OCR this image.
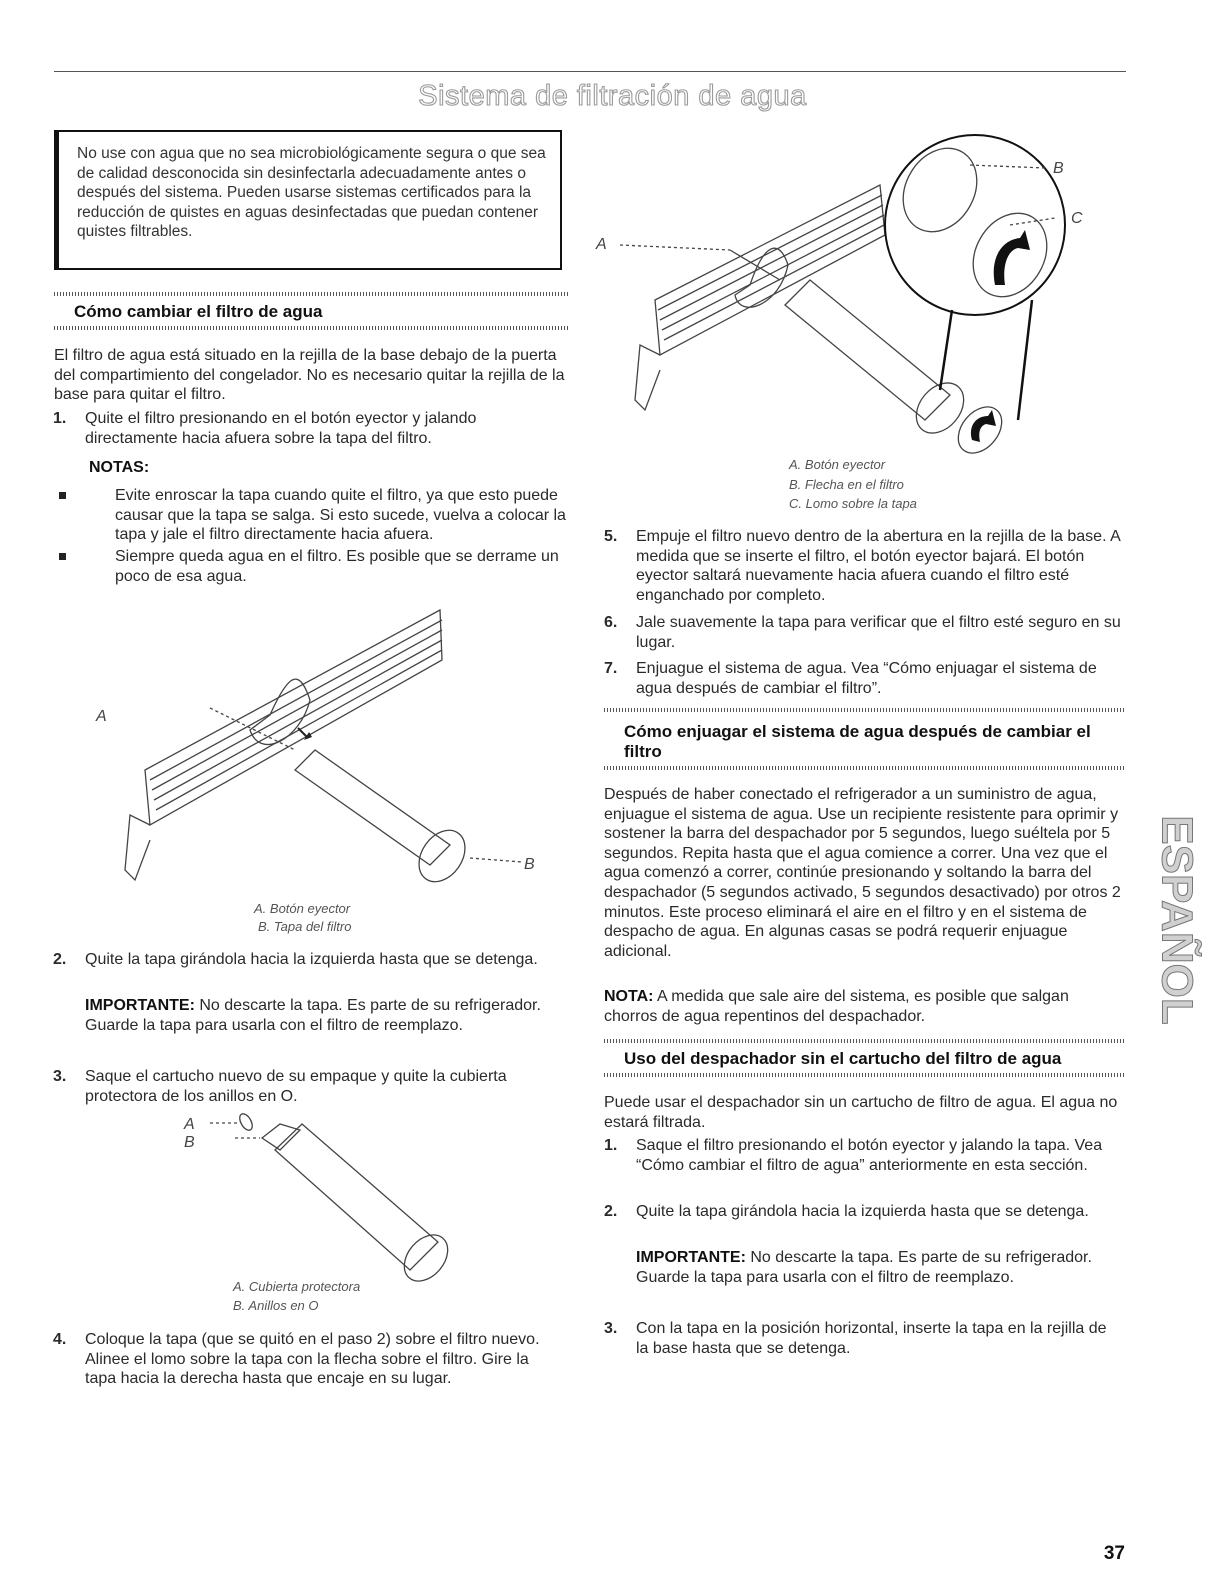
Sistema de filtración de agua
No use con agua que no sea microbiológicamente segura o que sea de calidad desconocida sin desinfectarla adecuadamente antes o después del sistema. Pueden usarse sistemas certificados para la reducción de quistes en aguas desinfectadas que puedan contener quistes filtrables.
Cómo cambiar el filtro de agua
El filtro de agua está situado en la rejilla de la base debajo de la puerta del compartimiento del congelador. No es necesario quitar la rejilla de la base para quitar el filtro.
1. Quite el filtro presionando en el botón eyector y jalando directamente hacia afuera sobre la tapa del filtro.
NOTAS:
Evite enroscar la tapa cuando quite el filtro, ya que esto puede causar que la tapa se salga. Si esto sucede, vuelva a colocar la tapa y jale el filtro directamente hacia afuera.
Siempre queda agua en el filtro. Es posible que se derrame un poco de esa agua.
A
B
A. Botón eyector
B. Tapa del filtro
2. Quite la tapa girándola hacia la izquierda hasta que se detenga.
IMPORTANTE: No descarte la tapa. Es parte de su refrigerador. Guarde la tapa para usarla con el filtro de reemplazo.
3. Saque el cartucho nuevo de su empaque y quite la cubierta protectora de los anillos en O.
A
B
A. Cubierta protectora
B. Anillos en O
4. Coloque la tapa (que se quitó en el paso 2) sobre el filtro nuevo. Alinee el lomo sobre la tapa con la flecha sobre el filtro. Gire la tapa hacia la derecha hasta que encaje en su lugar.
A
B
C
A. Botón eyector
B. Flecha en el filtro
C. Lomo sobre la tapa
5. Empuje el filtro nuevo dentro de la abertura en la rejilla de la base. A medida que se inserte el filtro, el botón eyector bajará. El botón eyector saltará nuevamente hacia afuera cuando el filtro esté enganchado por completo.
6. Jale suavemente la tapa para verificar que el filtro esté seguro en su lugar.
7. Enjuague el sistema de agua. Vea “Cómo enjuagar el sistema de agua después de cambiar el filtro”.
Cómo enjuagar el sistema de agua después de cambiar el filtro
Después de haber conectado el refrigerador a un suministro de agua, enjuague el sistema de agua. Use un recipiente resistente para oprimir y sostener la barra del despachador por 5 segundos, luego suéltela por 5 segundos. Repita hasta que el agua comience a correr. Una vez que el agua comenzó a correr, continúe presionando y soltando la barra del despachador (5 segundos activado, 5 segundos desactivado) por otros 2 minutos. Este proceso eliminará el aire en el filtro y en el sistema de despacho de agua. En algunas casas se podrá requerir enjuague adicional.
NOTA: A medida que sale aire del sistema, es posible que salgan chorros de agua repentinos del despachador.
Uso del despachador sin el cartucho del filtro de agua
Puede usar el despachador sin un cartucho de filtro de agua. El agua no estará filtrada.
1. Saque el filtro presionando el botón eyector y jalando la tapa. Vea “Cómo cambiar el filtro de agua” anteriormente en esta sección.
2. Quite la tapa girándola hacia la izquierda hasta que se detenga.
IMPORTANTE: No descarte la tapa. Es parte de su refrigerador. Guarde la tapa para usarla con el filtro de reemplazo.
3. Con la tapa en la posición horizontal, inserte la tapa en la rejilla de la base hasta que se detenga.
ESPAÑOL
37
